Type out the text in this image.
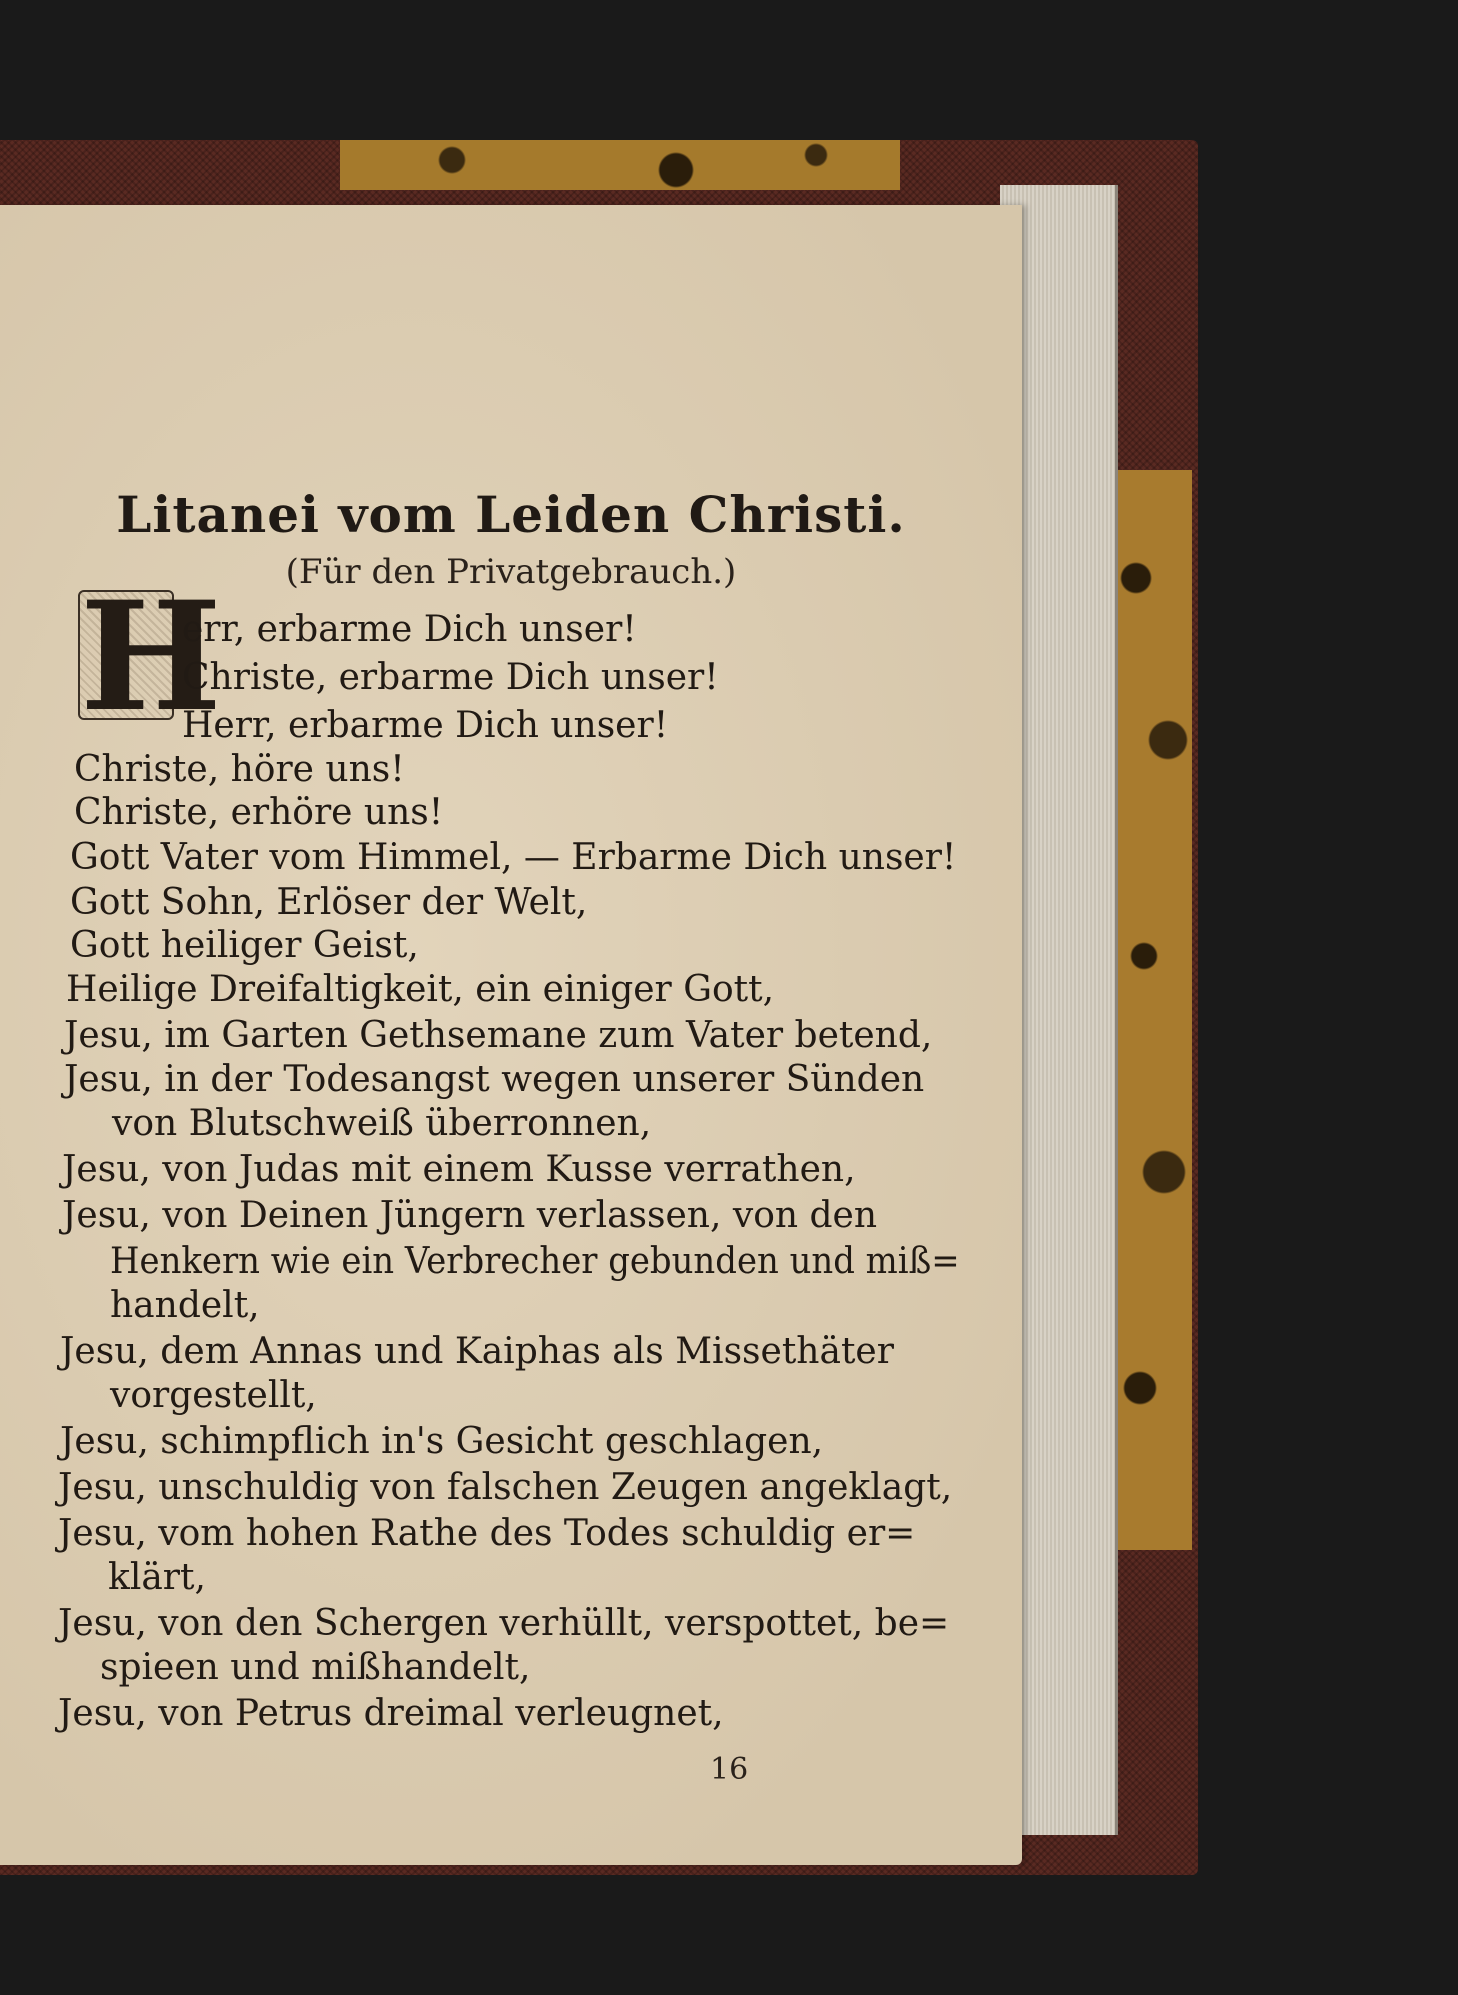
Litanei vom Leiden Christi.
(Für den Privatgebrauch.)
H
err, erbarme Dich unser!
Christe, erbarme Dich unser!
Herr, erbarme Dich unser!
Christe, höre uns!
Christe, erhöre uns!
Gott Vater vom Himmel, — Erbarme Dich unser!
Gott Sohn, Erlöser der Welt,
Gott heiliger Geist,
Heilige Dreifaltigkeit, ein einiger Gott,
Jesu, im Garten Gethsemane zum Vater betend,
Jesu, in der Todesangst wegen unserer Sünden
von Blutschweiß überronnen,
Jesu, von Judas mit einem Kusse verrathen,
Jesu, von Deinen Jüngern verlassen, von den
Henkern wie ein Verbrecher gebunden und miß=
handelt,
Jesu, dem Annas und Kaiphas als Missethäter
vorgestellt,
Jesu, schimpflich in's Gesicht geschlagen,
Jesu, unschuldig von falschen Zeugen angeklagt,
Jesu, vom hohen Rathe des Todes schuldig er=
klärt,
Jesu, von den Schergen verhüllt, verspottet, be=
spieen und mißhandelt,
Jesu, von Petrus dreimal verleugnet,
16
